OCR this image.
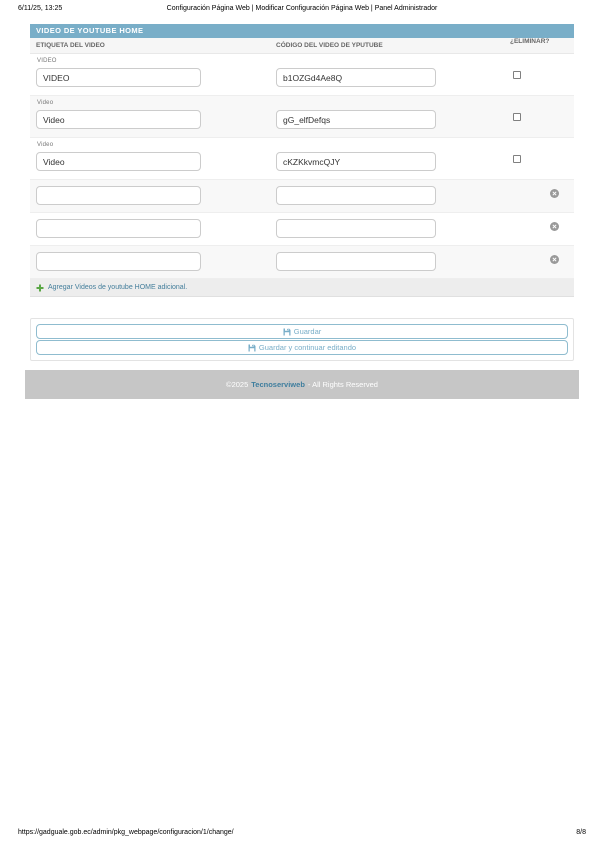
Configuración Página Web | Modificar Configuración Página Web | Panel Administrador
6/11/25, 13:25
VIDEO DE YOUTUBE HOME
ETIQUETA DEL VIDEO	CÓDIGO DEL VIDEO DE YPUTUBE
¿ELIMINAR?
VIDEO
VIDEO
b1OZGd4Ae8Q
Video
Video
gG_elfDefqs
Video
Video
cKZKkvmcQJY
Agregar Videos de youtube HOME adicional.
Guardar
Guardar y continuar editando
©2025 Tecnoserviweb - All Rights Reserved
https://gadguale.gob.ec/admin/pkg_webpage/configuracion/1/change/	8/8
